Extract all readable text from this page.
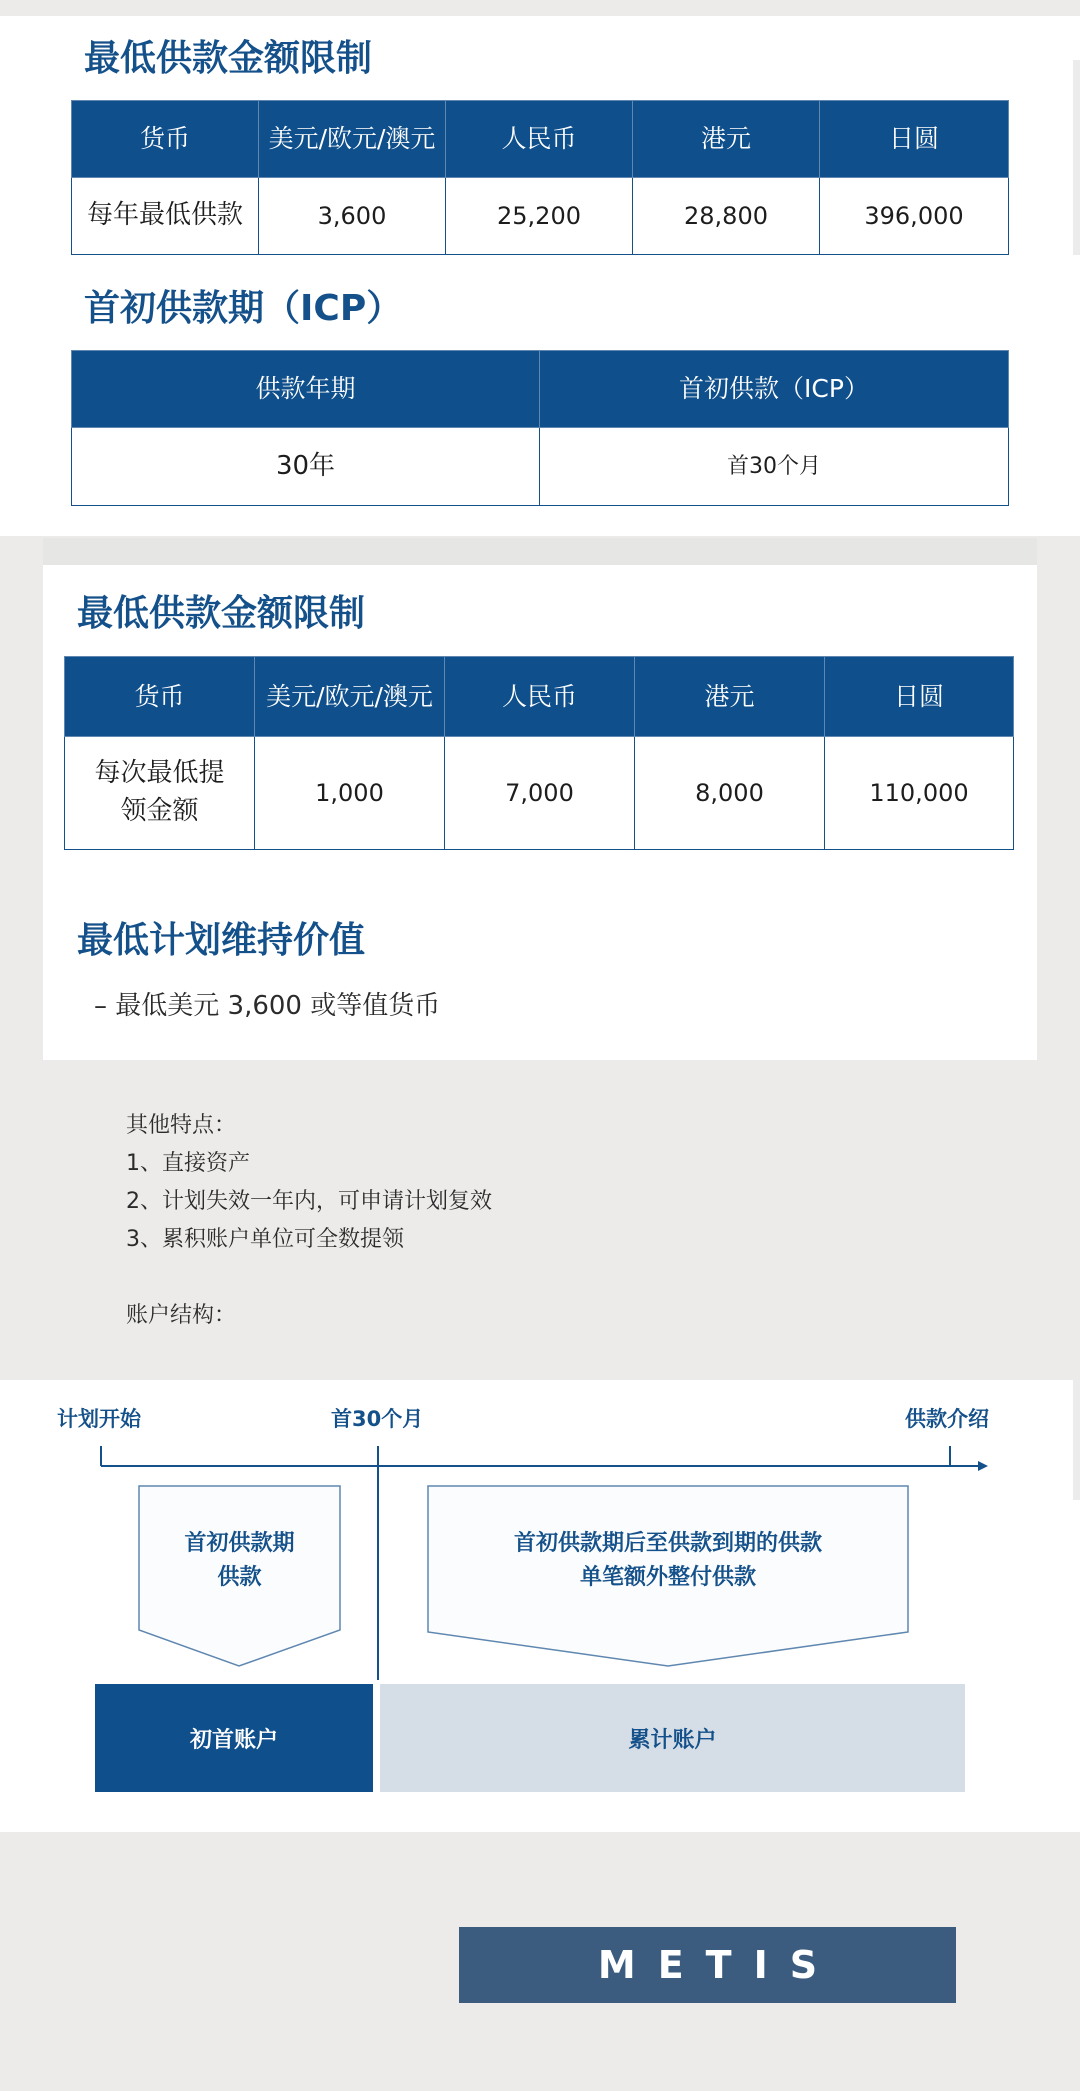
最低供款金额限制
货币	美元/欧元/澳元	人民币	港元	日圆
每年最低供款	3,600	25,200	28,800	396,000
首初供款期（ICP）
供款年期	首初供款（ICP）
30年	首30个月
最低供款金额限制
货币	美元/欧元/澳元	人民币	港元	日圆
每次最低提领金额	1,000	7,000	8,000	110,000
最低计划维持价值
– 最低美元 3,600 或等值货币
其他特点：
1、直接资产
2、计划失效一年内，可申请计划复效
3、累积账户单位可全数提领
账户结构：
计划开始	首30个月	供款介绍
首初供款期
供款
首初供款期后至供款到期的供款
单笔额外整付供款
初首账户	累计账户
METIS
